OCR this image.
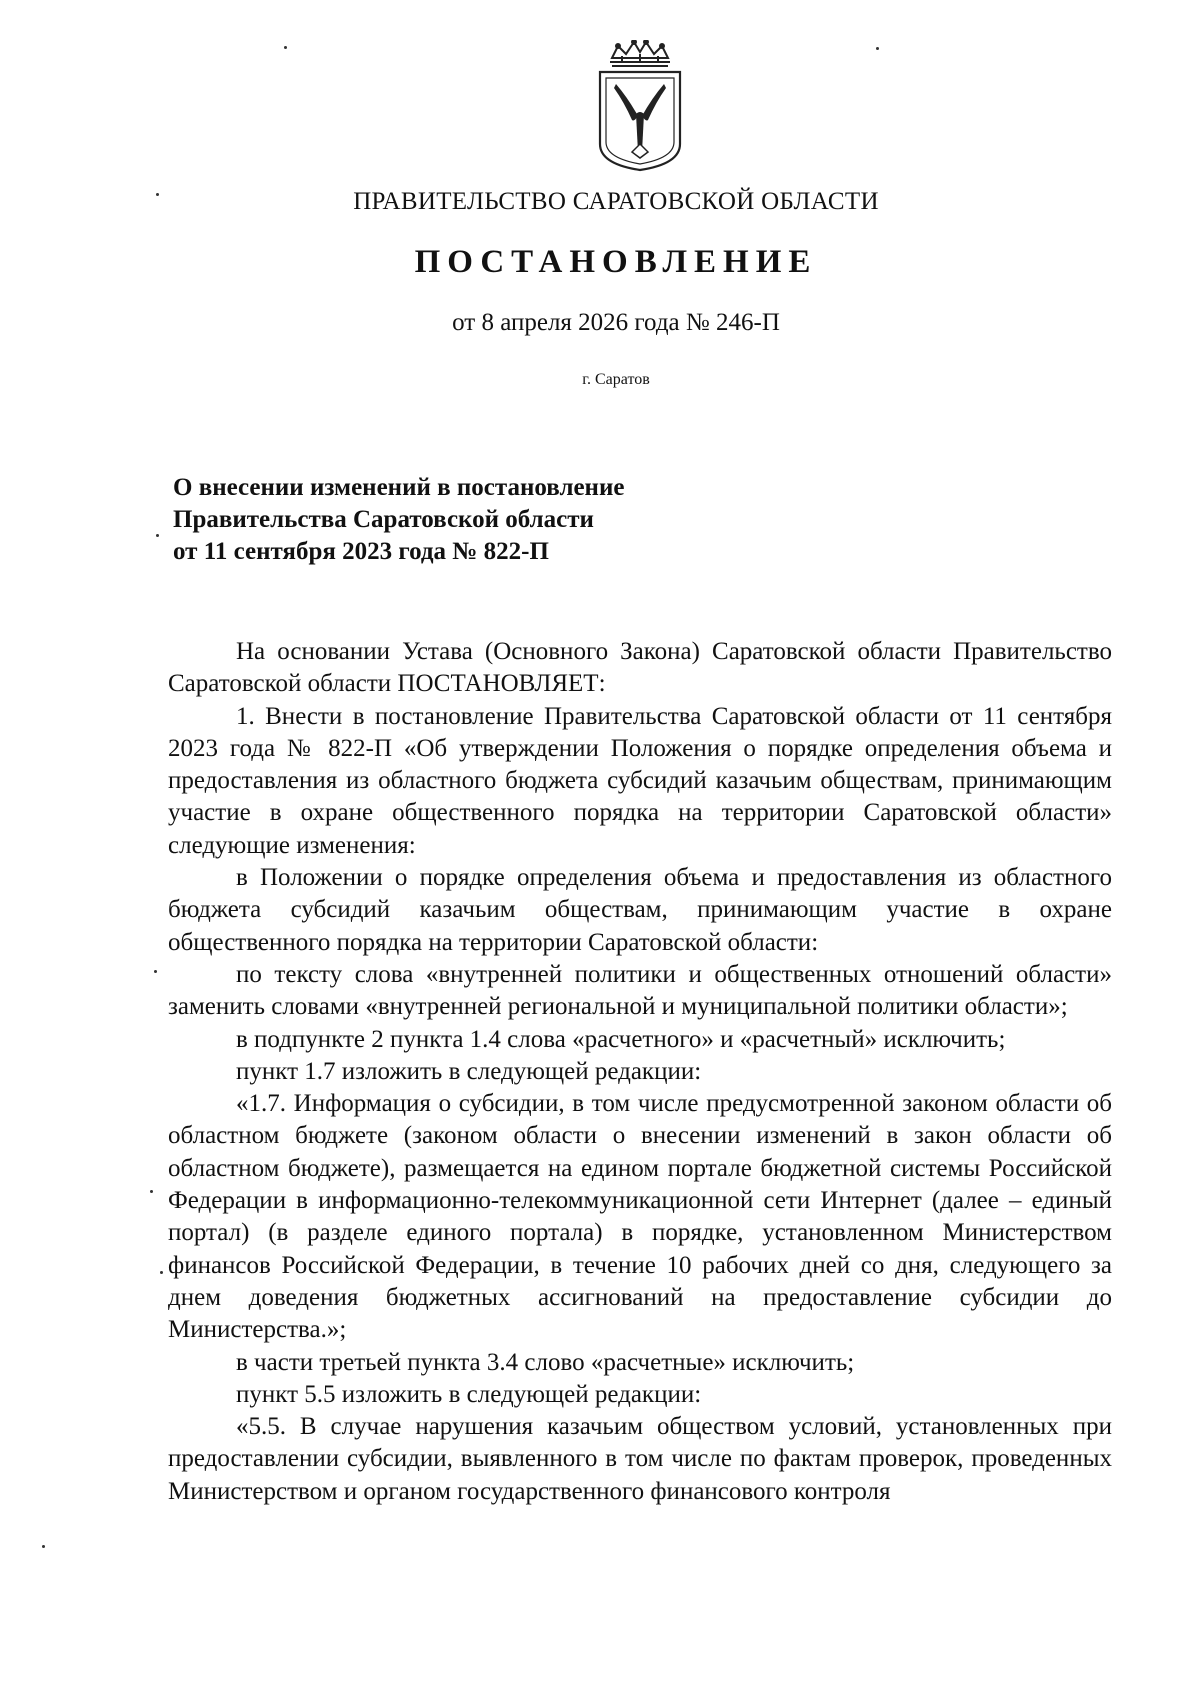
ПРАВИТЕЛЬСТВО САРАТОВСКОЙ ОБЛАСТИ
ПОСТАНОВЛЕНИЕ
от 8 апреля 2026 года № 246-П
г. Саратов
О внесении изменений в постановление
Правительства Саратовской области
от 11 сентября 2023 года № 822-П

На основании Устава (Основного Закона) Саратовской области Правительство Саратовской области ПОСТАНОВЛЯЕТ:

1. Внести в постановление Правительства Саратовской области от 11 сентября 2023 года № 822-П «Об утверждении Положения о порядке определения объема и предоставления из областного бюджета субсидий казачьим обществам, принимающим участие в охране общественного порядка на территории Саратовской области» следующие изменения:

в Положении о порядке определения объема и предоставления из областного бюджета субсидий казачьим обществам, принимающим участие в охране общественного порядка на территории Саратовской области:

по тексту слова «внутренней политики и общественных отношений области» заменить словами «внутренней региональной и муниципальной политики области»;

в подпункте 2 пункта 1.4 слова «расчетного» и «расчетный» исключить;

пункт 1.7 изложить в следующей редакции:

«1.7. Информация о субсидии, в том числе предусмотренной законом области об областном бюджете (законом области о внесении изменений в закон области об областном бюджете), размещается на едином портале бюджетной системы Российской Федерации в информационно-телекоммуникационной сети Интернет (далее – единый портал) (в разделе единого портала) в порядке, установленном Министерством финансов Российской Федерации, в течение 10 рабочих дней со дня, следующего за днем доведения бюджетных ассигнований на предоставление субсидии до Министерства.»;

в части третьей пункта 3.4 слово «расчетные» исключить;

пункт 5.5 изложить в следующей редакции:

«5.5. В случае нарушения казачьим обществом условий, установленных при предоставлении субсидии, выявленного в том числе по фактам проверок, проведенных Министерством и органом государственного финансового контроля
